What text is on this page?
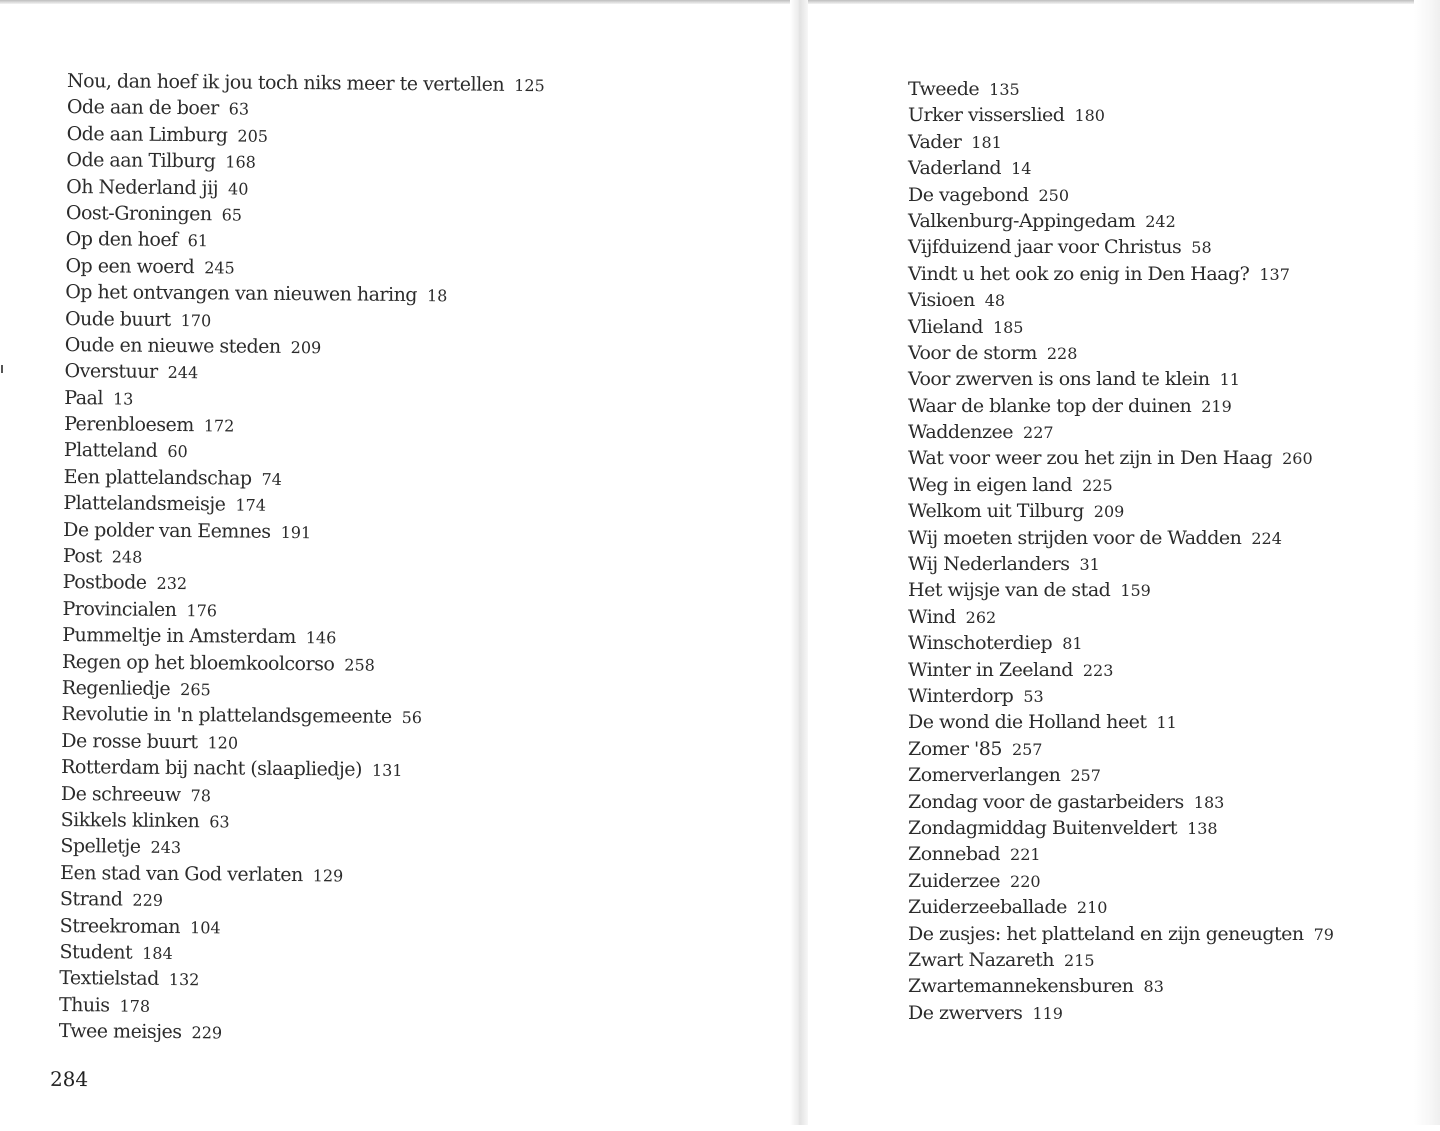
Nou, dan hoef ik jou toch niks meer te vertellen 125
Ode aan de boer 63
Ode aan Limburg 205
Ode aan Tilburg 168
Oh Nederland jij 40
Oost-Groningen 65
Op den hoef 61
Op een woerd 245
Op het ontvangen van nieuwen haring 18
Oude buurt 170
Oude en nieuwe steden 209
Overstuur 244
Paal 13
Perenbloesem 172
Platteland 60
Een plattelandschap 74
Plattelandsmeisje 174
De polder van Eemnes 191
Post 248
Postbode 232
Provincialen 176
Pummeltje in Amsterdam 146
Regen op het bloemkoolcorso 258
Regenliedje 265
Revolutie in 'n plattelandsgemeente 56
De rosse buurt 120
Rotterdam bij nacht (slaapliedje) 131
De schreeuw 78
Sikkels klinken 63
Spelletje 243
Een stad van God verlaten 129
Strand 229
Streekroman 104
Student 184
Textielstad 132
Thuis 178
Twee meisjes 229
284
Tweede 135
Urker visserslied 180
Vader 181
Vaderland 14
De vagebond 250
Valkenburg-Appingedam 242
Vijfduizend jaar voor Christus 58
Vindt u het ook zo enig in Den Haag? 137
Visioen 48
Vlieland 185
Voor de storm 228
Voor zwerven is ons land te klein 11
Waar de blanke top der duinen 219
Waddenzee 227
Wat voor weer zou het zijn in Den Haag 260
Weg in eigen land 225
Welkom uit Tilburg 209
Wij moeten strijden voor de Wadden 224
Wij Nederlanders 31
Het wijsje van de stad 159
Wind 262
Winschoterdiep 81
Winter in Zeeland 223
Winterdorp 53
De wond die Holland heet 11
Zomer '85 257
Zomerverlangen 257
Zondag voor de gastarbeiders 183
Zondagmiddag Buitenveldert 138
Zonnebad 221
Zuiderzee 220
Zuiderzeeballade 210
De zusjes: het platteland en zijn geneugten 79
Zwart Nazareth 215
Zwartemannekensburen 83
De zwervers 119
